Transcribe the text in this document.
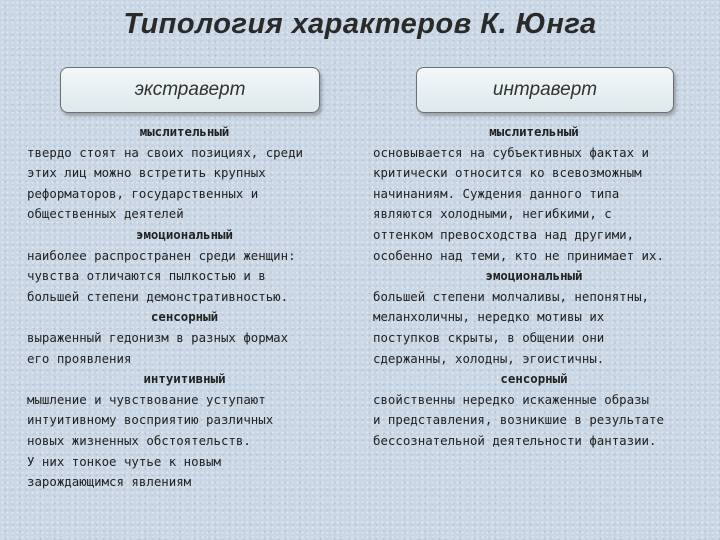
Типология характеров К. Юнга
экстраверт	интраверт
мыслительный
твердо стоят на своих позициях, среди
этих лиц можно встретить крупных
реформаторов, государственных и
общественных деятелей
эмоциональный
наиболее распространен среди женщин:
чувства отличаются пылкостью и в
большей степени демонстративностью.
сенсорный
выраженный гедонизм в разных формах
его проявления
интуитивный
мышление и чувствование уступают
интуитивному восприятию различных
новых жизненных обстоятельств.
У них тонкое чутье к новым
зарождающимся явлениям
мыслительный
основывается на субъективных фактах и
критически относится ко всевозможным
начинаниям. Суждения данного типа
являются холодными, негибкими, с
оттенком превосходства над другими,
особенно над теми, кто не принимает их.
эмоциональный
большей степени молчаливы, непонятны,
меланхоличны, нередко мотивы их
поступков скрыты, в общении они
сдержанны, холодны, эгоистичны.
сенсорный
свойственны нередко искаженные образы
и представления, возникшие в результате
бессознательной деятельности фантазии.
